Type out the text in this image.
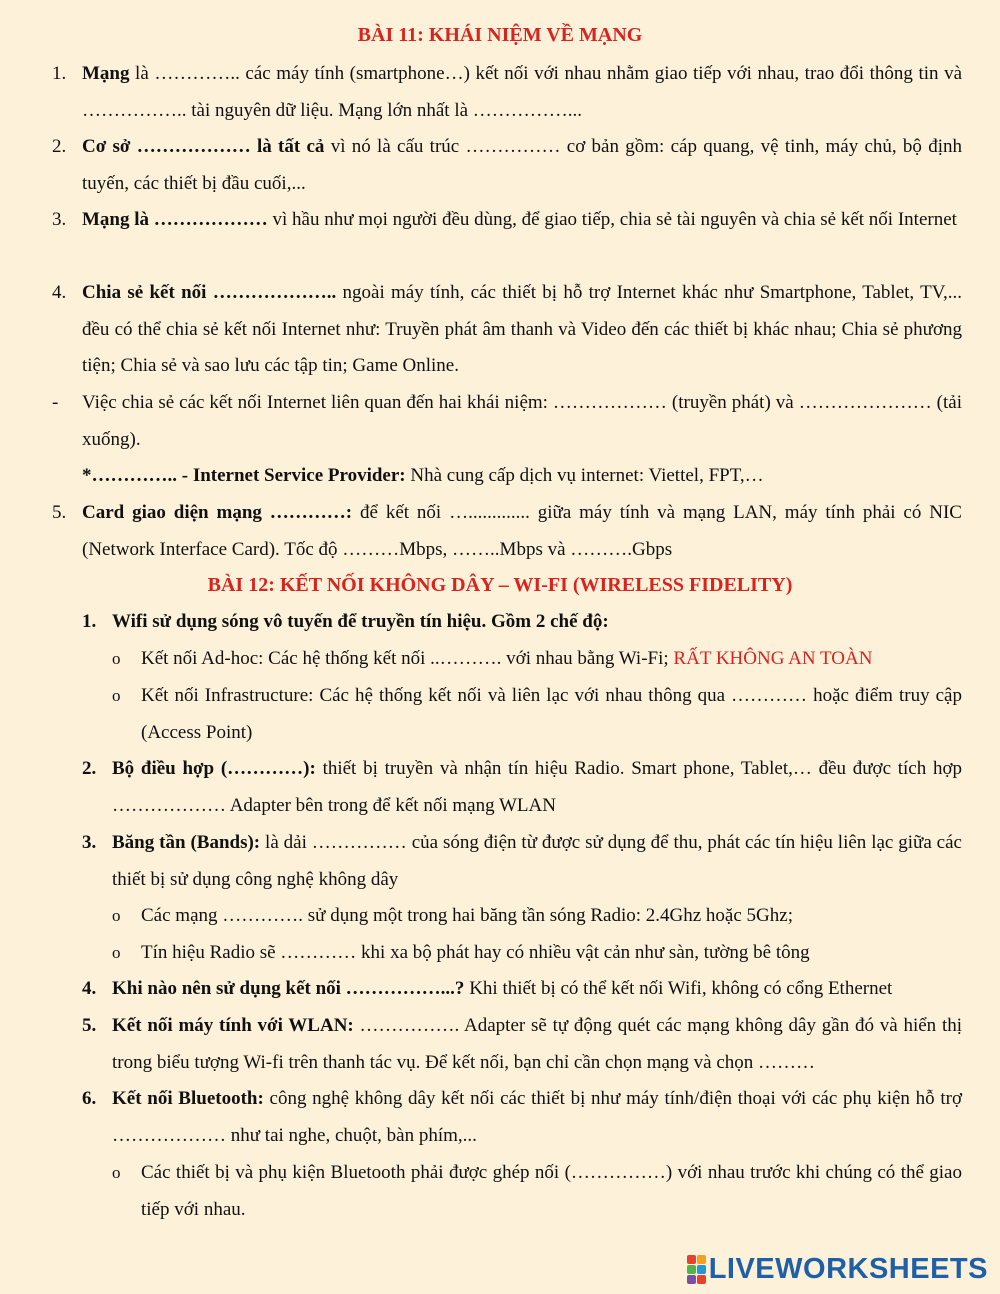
BÀI 11: KHÁI NIỆM VỀ MẠNG
1. Mạng là ………….. các máy tính (smartphone…) kết nối với nhau nhằm giao tiếp với nhau, trao đổi thông tin và …………….. tài nguyên dữ liệu. Mạng lớn nhất là ……………...
2. Cơ sở ……………… là tất cả vì nó là cấu trúc …………… cơ bản gồm: cáp quang, vệ tinh, máy chủ, bộ định tuyến, các thiết bị đầu cuối,...
3. Mạng là ……………… vì hầu như mọi người đều dùng, để giao tiếp, chia sẻ tài nguyên và chia sẻ kết nối Internet
4. Chia sẻ kết nối ……………….. ngoài máy tính, các thiết bị hỗ trợ Internet khác như Smartphone, Tablet, TV,... đều có thể chia sẻ kết nối Internet như: Truyền phát âm thanh và Video đến các thiết bị khác nhau; Chia sẻ phương tiện; Chia sẻ và sao lưu các tập tin; Game Online.
- Việc chia sẻ các kết nối Internet liên quan đến hai khái niệm: ……………… (truyền phát) và ………………… (tải xuống).
*………….. - Internet Service Provider: Nhà cung cấp dịch vụ internet: Viettel, FPT,…
5. Card giao diện mạng …………: để kết nối …............. giữa máy tính và mạng LAN, máy tính phải có NIC (Network Interface Card). Tốc độ ………Mbps, ……..Mbps và ……….Gbps
BÀI 12: KẾT NỐI KHÔNG DÂY – WI-FI (WIRELESS FIDELITY)
1. Wifi sử dụng sóng vô tuyến để truyền tín hiệu. Gồm 2 chế độ:
o Kết nối Ad-hoc: Các hệ thống kết nối ..………. với nhau bằng Wi-Fi; RẤT KHÔNG AN TOÀN
o Kết nối Infrastructure: Các hệ thống kết nối và liên lạc với nhau thông qua ………… hoặc điểm truy cập (Access Point)
2. Bộ điều hợp (…………): thiết bị truyền và nhận tín hiệu Radio. Smart phone, Tablet,… đều được tích hợp ……………… Adapter bên trong để kết nối mạng WLAN
3. Băng tần (Bands): là dải …………… của sóng điện từ được sử dụng để thu, phát các tín hiệu liên lạc giữa các thiết bị sử dụng công nghệ không dây
o Các mạng …………. sử dụng một trong hai băng tần sóng Radio: 2.4Ghz hoặc 5Ghz;
o Tín hiệu Radio sẽ ………… khi xa bộ phát hay có nhiều vật cản như sàn, tường bê tông
4. Khi nào nên sử dụng kết nối ……………...? Khi thiết bị có thể kết nối Wifi, không có cổng Ethernet
5. Kết nối máy tính với WLAN: ……………. Adapter sẽ tự động quét các mạng không dây gần đó và hiển thị trong biểu tượng Wi-fi trên thanh tác vụ. Để kết nối, bạn chỉ cần chọn mạng và chọn ………
6. Kết nối Bluetooth: công nghệ không dây kết nối các thiết bị như máy tính/điện thoại với các phụ kiện hỗ trợ ……………… như tai nghe, chuột, bàn phím,...
o Các thiết bị và phụ kiện Bluetooth phải được ghép nối (……………) với nhau trước khi chúng có thể giao tiếp với nhau.
LIVEWORKSHEETS
